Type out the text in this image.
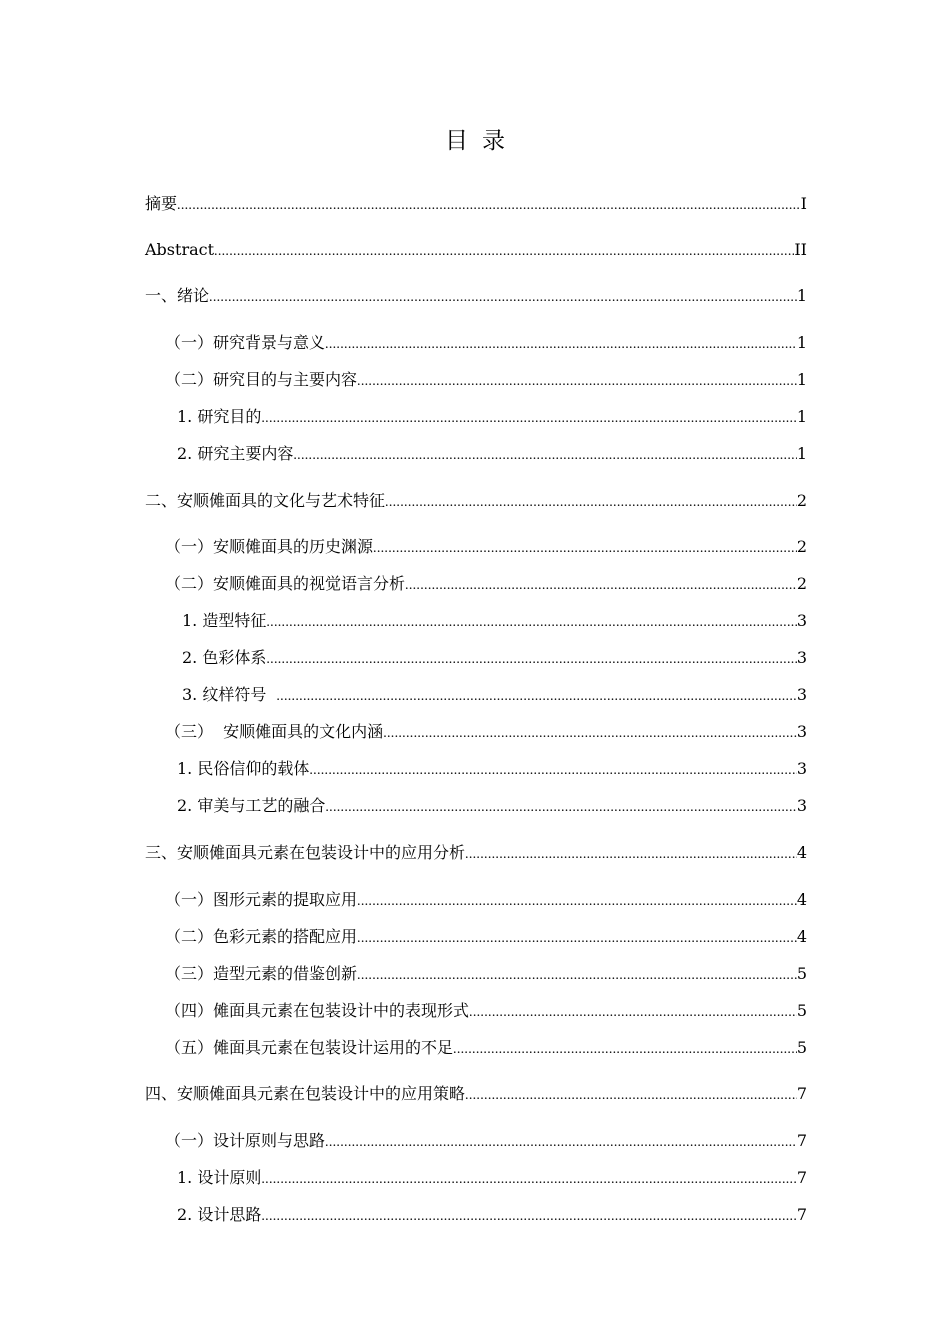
目录
摘要 .....	I
Abstract .....	II
一、绪论 .....	1
（一）研究背景与意义 .....	1
（二）研究目的与主要内容 .....	1
1. 研究目的 .....	1
2. 研究主要内容 .....	1
二、安顺傩面具的文化与艺术特征 .....	2
（一）安顺傩面具的历史渊源 .....	2
（二）安顺傩面具的视觉语言分析 .....	2
1. 造型特征 .....	3
2. 色彩体系 .....	3
3. 纹样符号 .....	3
（三）  安顺傩面具的文化内涵 .....	3
1. 民俗信仰的载体 .....	3
2. 审美与工艺的融合 .....	3
三、安顺傩面具元素在包装设计中的应用分析 .....	4
（一）图形元素的提取应用 .....	4
（二）色彩元素的搭配应用 .....	4
（三）造型元素的借鉴创新 .....	5
（四）傩面具元素在包装设计中的表现形式 .....	5
（五）傩面具元素在包装设计运用的不足 .....	5
四、安顺傩面具元素在包装设计中的应用策略 .....	7
（一）设计原则与思路 .....	7
1. 设计原则 .....	7
2. 设计思路 .....	7
